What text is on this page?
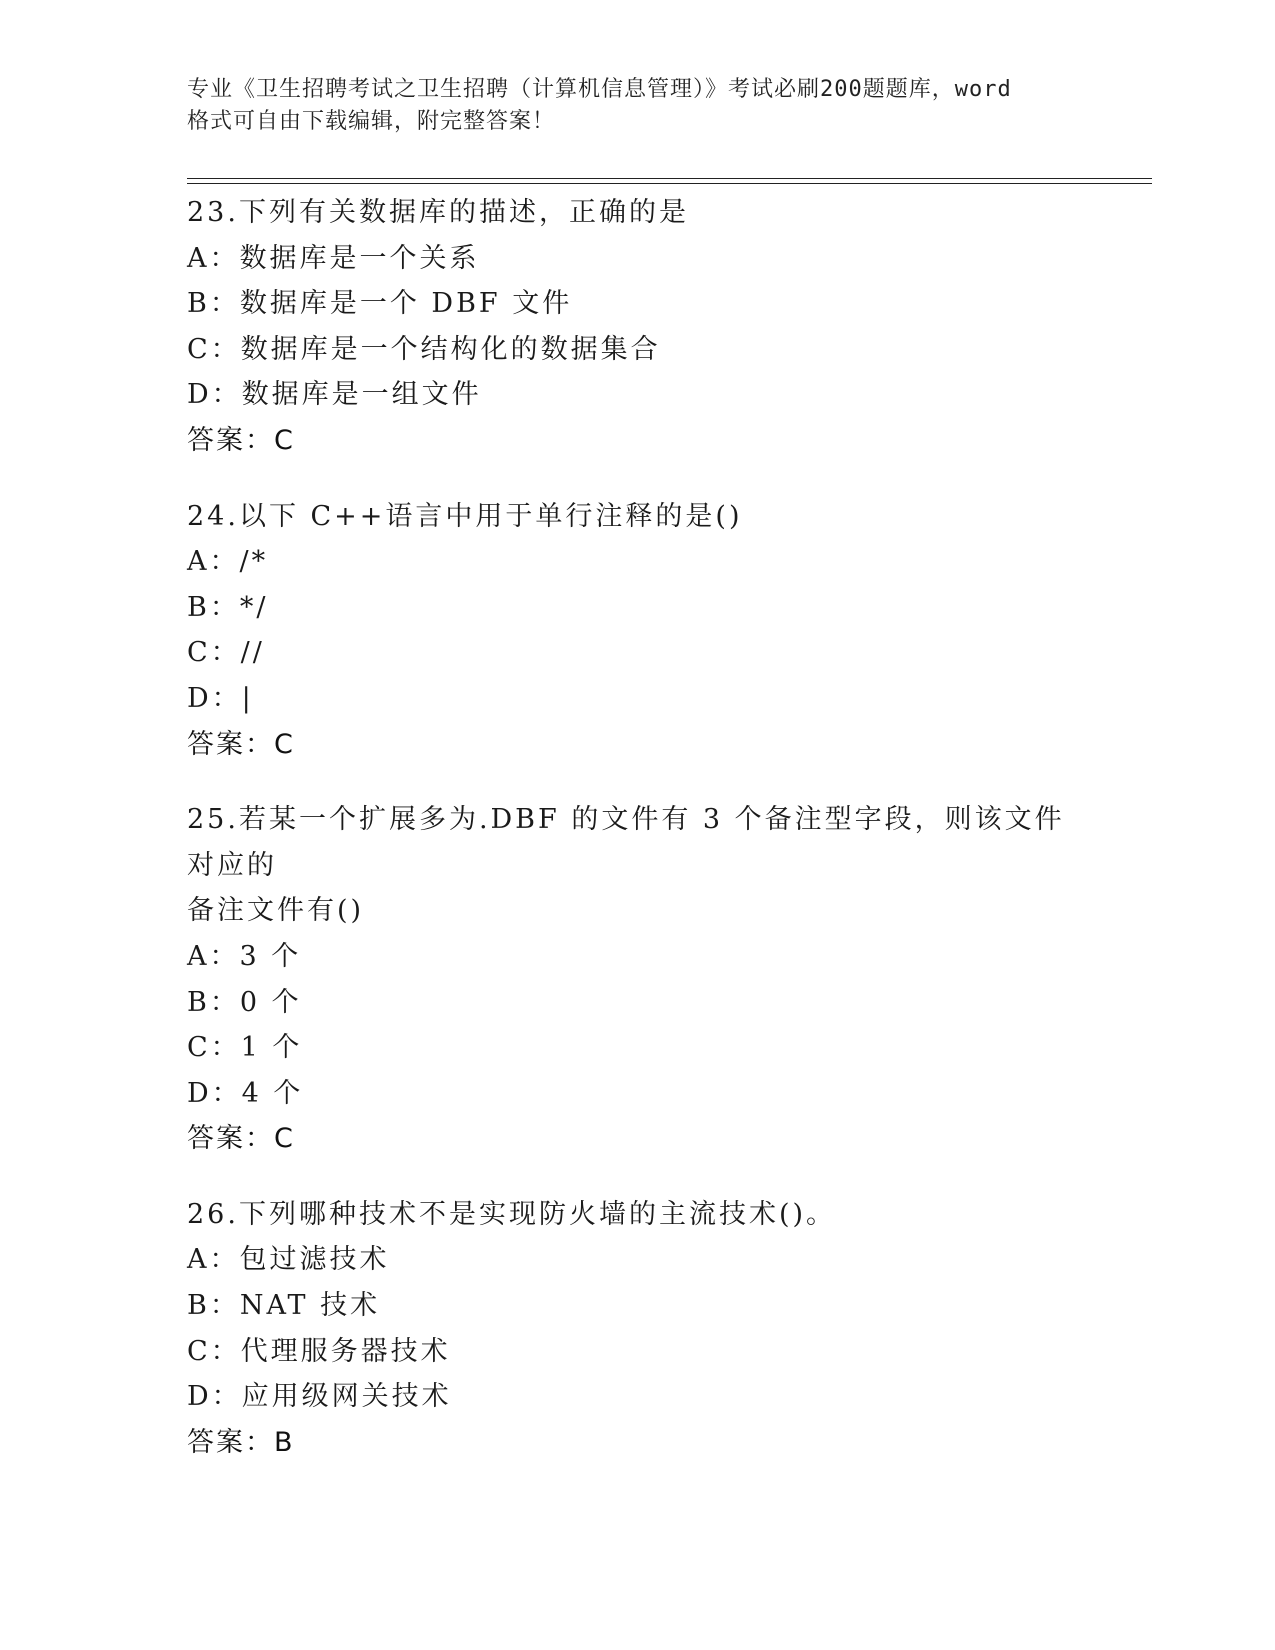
专业《卫生招聘考试之卫生招聘（计算机信息管理）》考试必刷200题题库，word
格式可自由下载编辑，附完整答案！
23.下列有关数据库的描述，正确的是
A：数据库是一个关系
B：数据库是一个 DBF 文件
C：数据库是一个结构化的数据集合
D：数据库是一组文件
答案：C
24.以下 C++语言中用于单行注释的是()
A：/*
B：*/
C：//
D：|
答案：C
25.若某一个扩展多为.DBF 的文件有 3 个备注型字段，则该文件对应的
备注文件有()
A：3 个
B：0 个
C：1 个
D：4 个
答案：C
26.下列哪种技术不是实现防火墙的主流技术()。
A：包过滤技术
B：NAT 技术
C：代理服务器技术
D：应用级网关技术
答案：B
